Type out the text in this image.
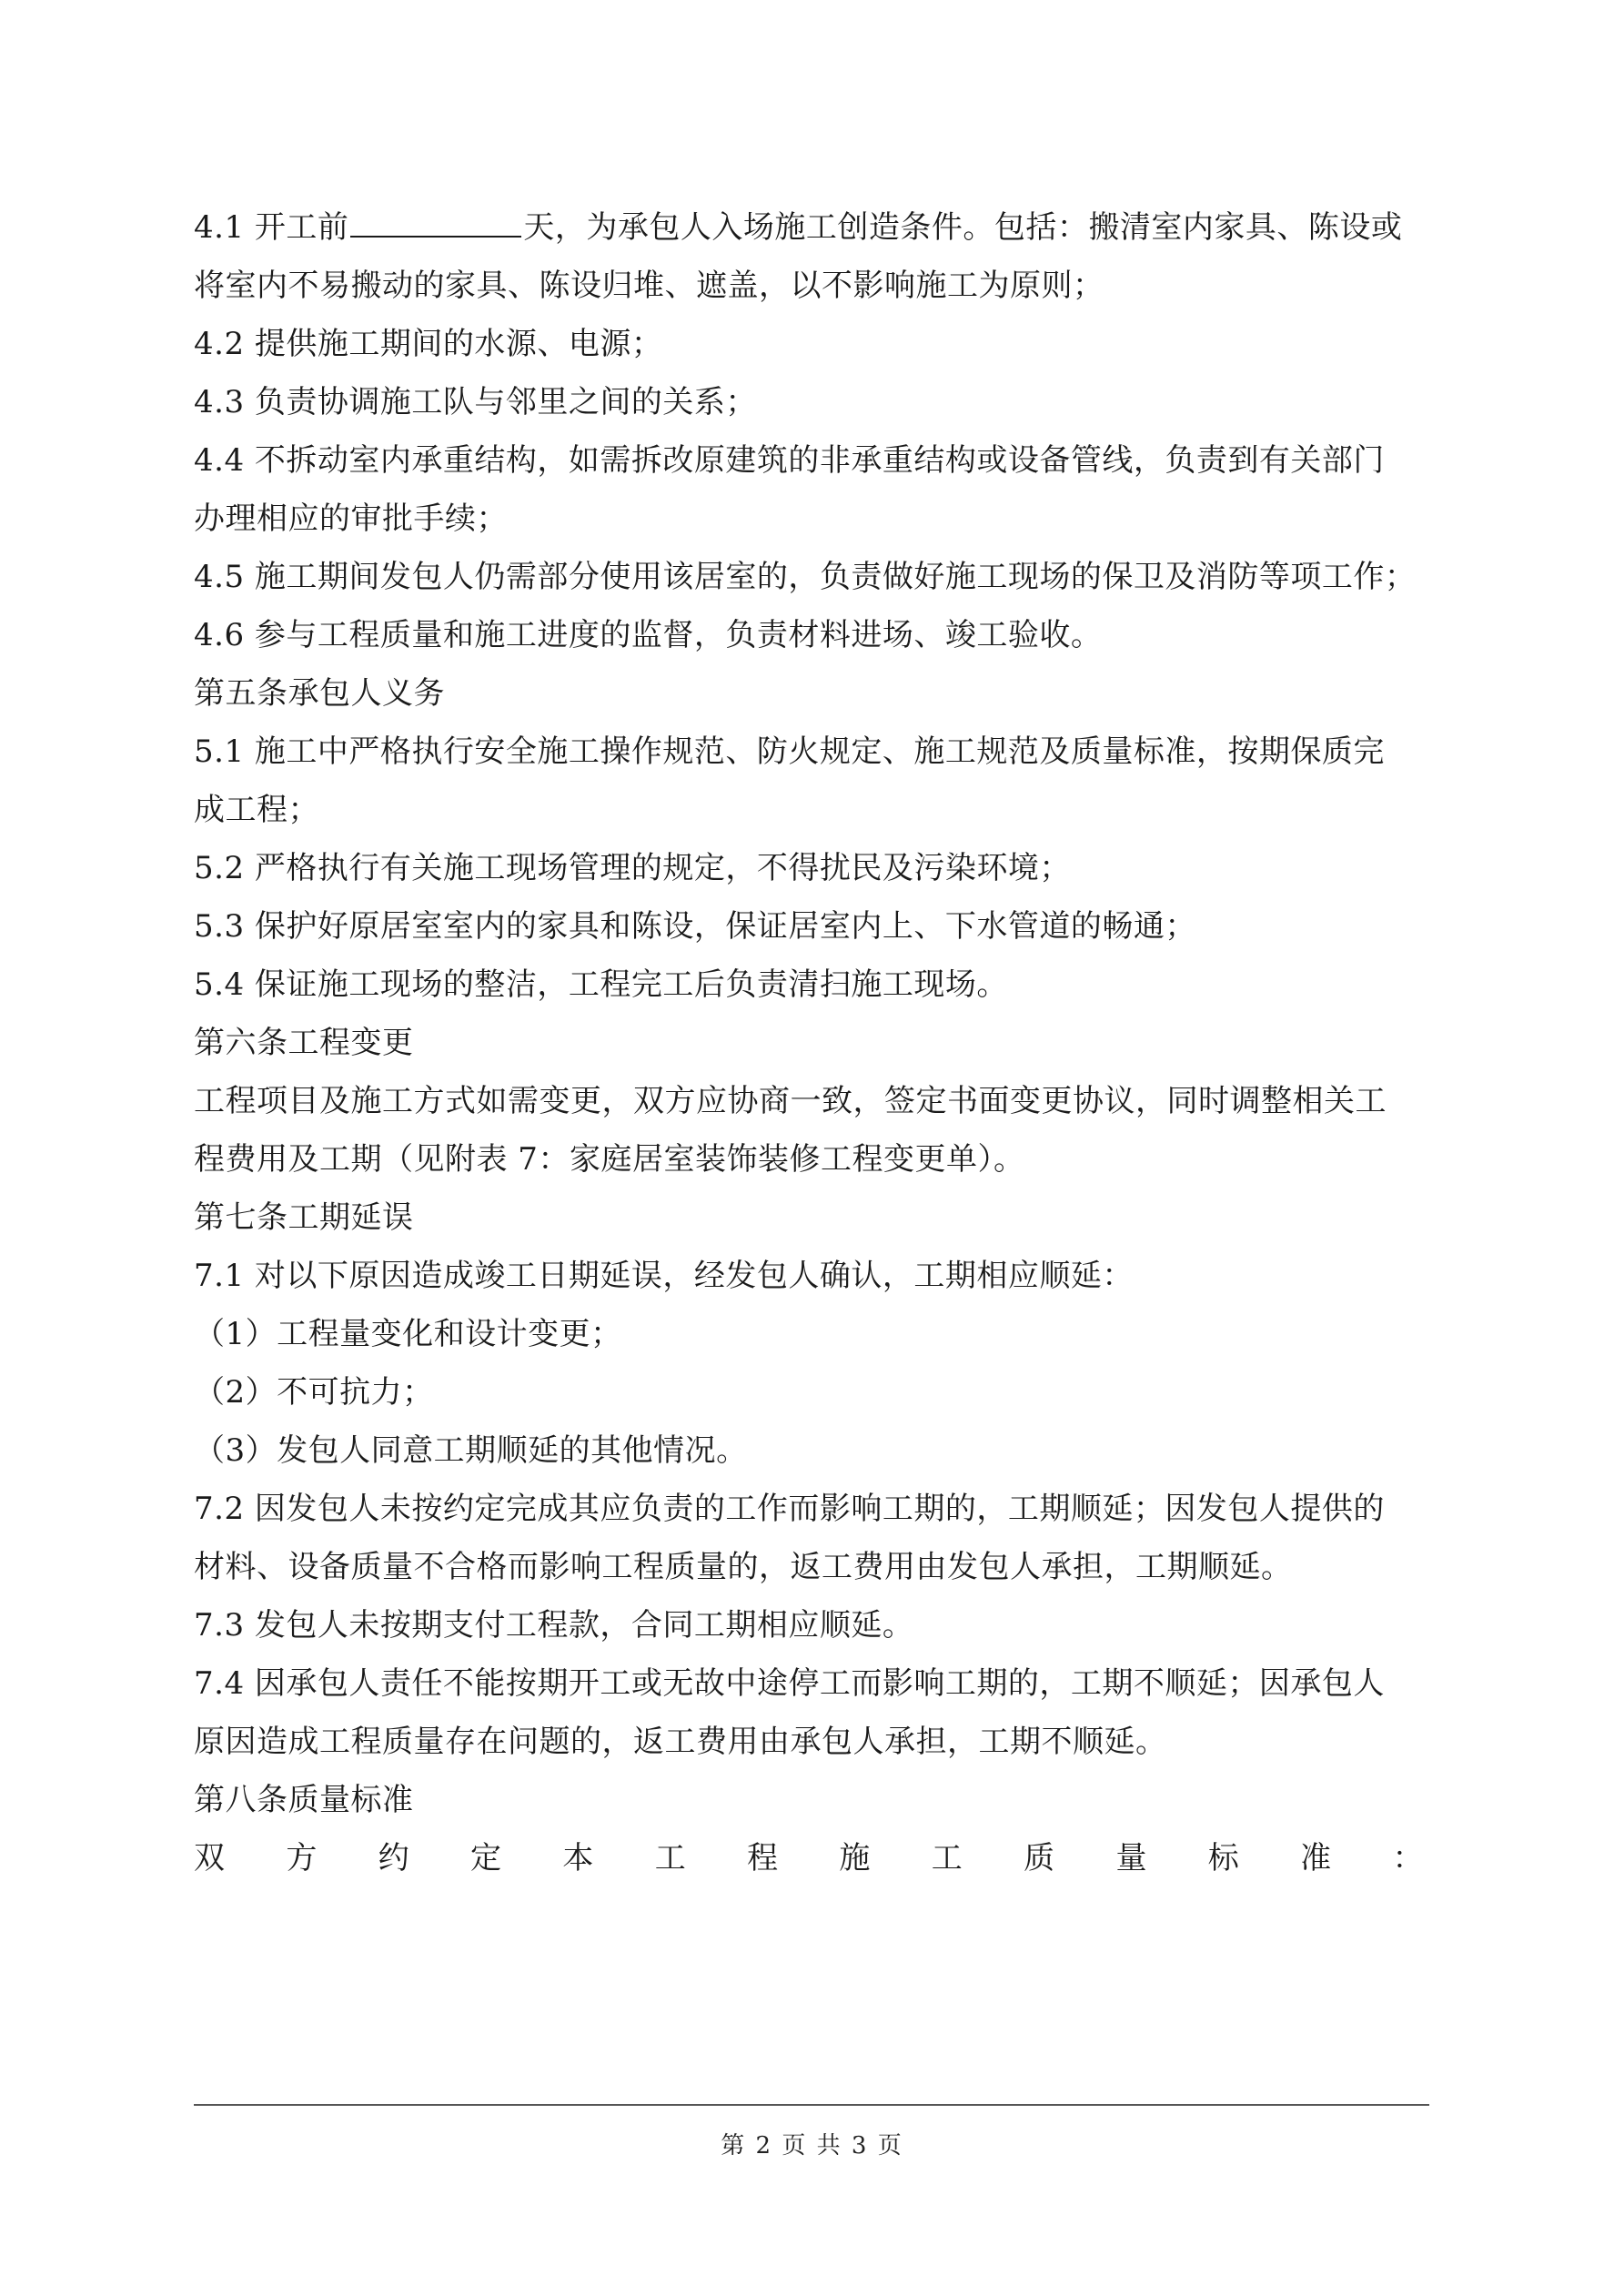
4.1 开工前	天，为承包人入场施工创造条件。包括：搬清室内家具、陈设或
将室内不易搬动的家具、陈设归堆、遮盖，以不影响施工为原则；
4.2 提供施工期间的水源、电源；
4.3 负责协调施工队与邻里之间的关系；
4.4 不拆动室内承重结构，如需拆改原建筑的非承重结构或设备管线，负责到有关部门
办理相应的审批手续；
4.5 施工期间发包人仍需部分使用该居室的，负责做好施工现场的保卫及消防等项工作；
4.6 参与工程质量和施工进度的监督，负责材料进场、竣工验收。
第五条承包人义务
5.1 施工中严格执行安全施工操作规范、防火规定、施工规范及质量标准，按期保质完
成工程；
5.2 严格执行有关施工现场管理的规定，不得扰民及污染环境；
5.3 保护好原居室室内的家具和陈设，保证居室内上、下水管道的畅通；
5.4 保证施工现场的整洁，工程完工后负责清扫施工现场。
第六条工程变更
工程项目及施工方式如需变更，双方应协商一致，签定书面变更协议，同时调整相关工
程费用及工期（见附表 7：家庭居室装饰装修工程变更单）。
第七条工期延误
7.1 对以下原因造成竣工日期延误，经发包人确认，工期相应顺延：
（1）工程量变化和设计变更；
（2）不可抗力；
（3）发包人同意工期顺延的其他情况。
7.2 因发包人未按约定完成其应负责的工作而影响工期的，工期顺延；因发包人提供的
材料、设备质量不合格而影响工程质量的，返工费用由发包人承担，工期顺延。
7.3 发包人未按期支付工程款，合同工期相应顺延。
7.4 因承包人责任不能按期开工或无故中途停工而影响工期的，工期不顺延；因承包人
原因造成工程质量存在问题的，返工费用由承包人承担，工期不顺延。
第八条质量标准
双 方 约 定 本 工 程 施 工 质 量 标 准 ：
第 2 页 共 3 页
